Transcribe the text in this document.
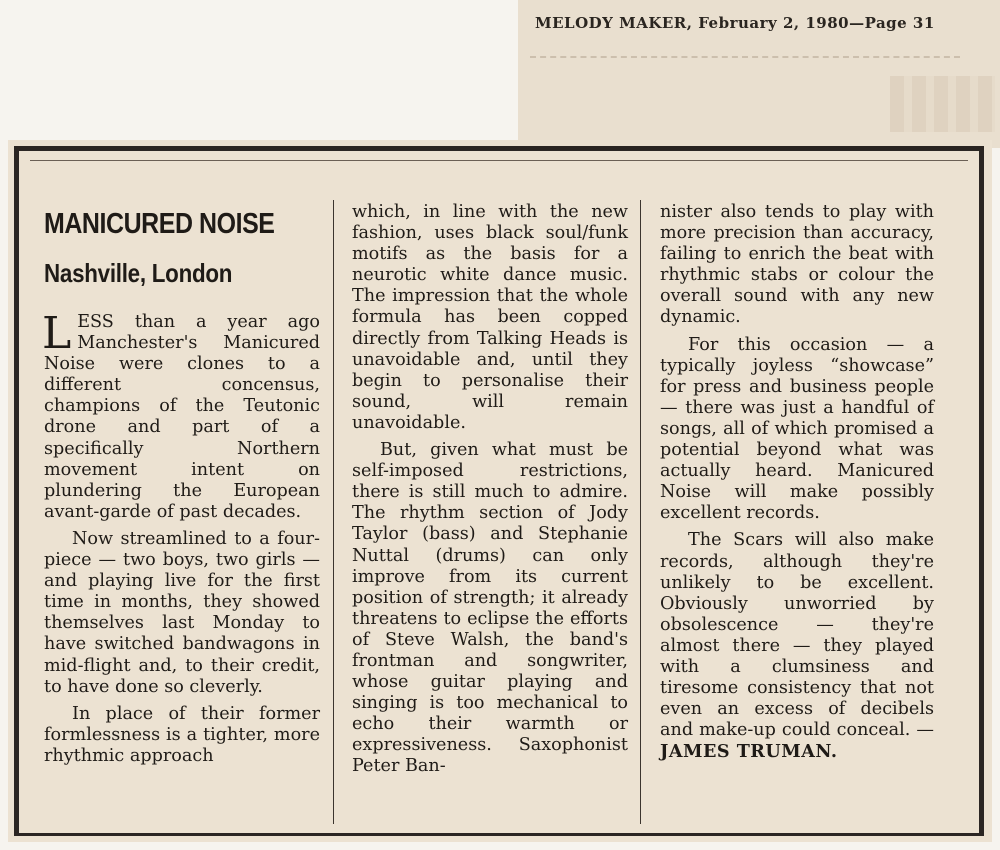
MELODY MAKER, February 2, 1980—Page 31
MANICURED NOISE
Nashville, London

LESS than a year ago Manchester's Manicured Noise were clones to a different concensus, champions of the Teutonic drone and part of a specifically Northern movement intent on plundering the European avant-garde of past decades.

Now streamlined to a four-piece — two boys, two girls — and playing live for the first time in months, they showed themselves last Monday to have switched bandwagons in mid-flight and, to their credit, to have done so cleverly.

In place of their former formlessness is a tighter, more rhythmic approach

which, in line with the new fashion, uses black soul/funk motifs as the basis for a neurotic white dance music. The impression that the whole formula has been copped directly from Talking Heads is unavoidable and, until they begin to personalise their sound, will remain unavoidable.

But, given what must be self-imposed restrictions, there is still much to admire. The rhythm section of Jody Taylor (bass) and Stephanie Nuttal (drums) can only improve from its current position of strength; it already threatens to eclipse the efforts of Steve Walsh, the band's frontman and songwriter, whose guitar playing and singing is too mechanical to echo their warmth or expressiveness. Saxophonist Peter Ban-

nister also tends to play with more precision than accuracy, failing to enrich the beat with rhythmic stabs or colour the overall sound with any new dynamic.

For this occasion — a typically joyless “showcase” for press and business people — there was just a handful of songs, all of which promised a potential beyond what was actually heard. Manicured Noise will make possibly excellent records.

The Scars will also make records, although they're unlikely to be excellent. Obviously unworried by obsolescence — they're almost there — they played with a clumsiness and tiresome consistency that not even an excess of decibels and make-up could conceal. — JAMES TRUMAN.
